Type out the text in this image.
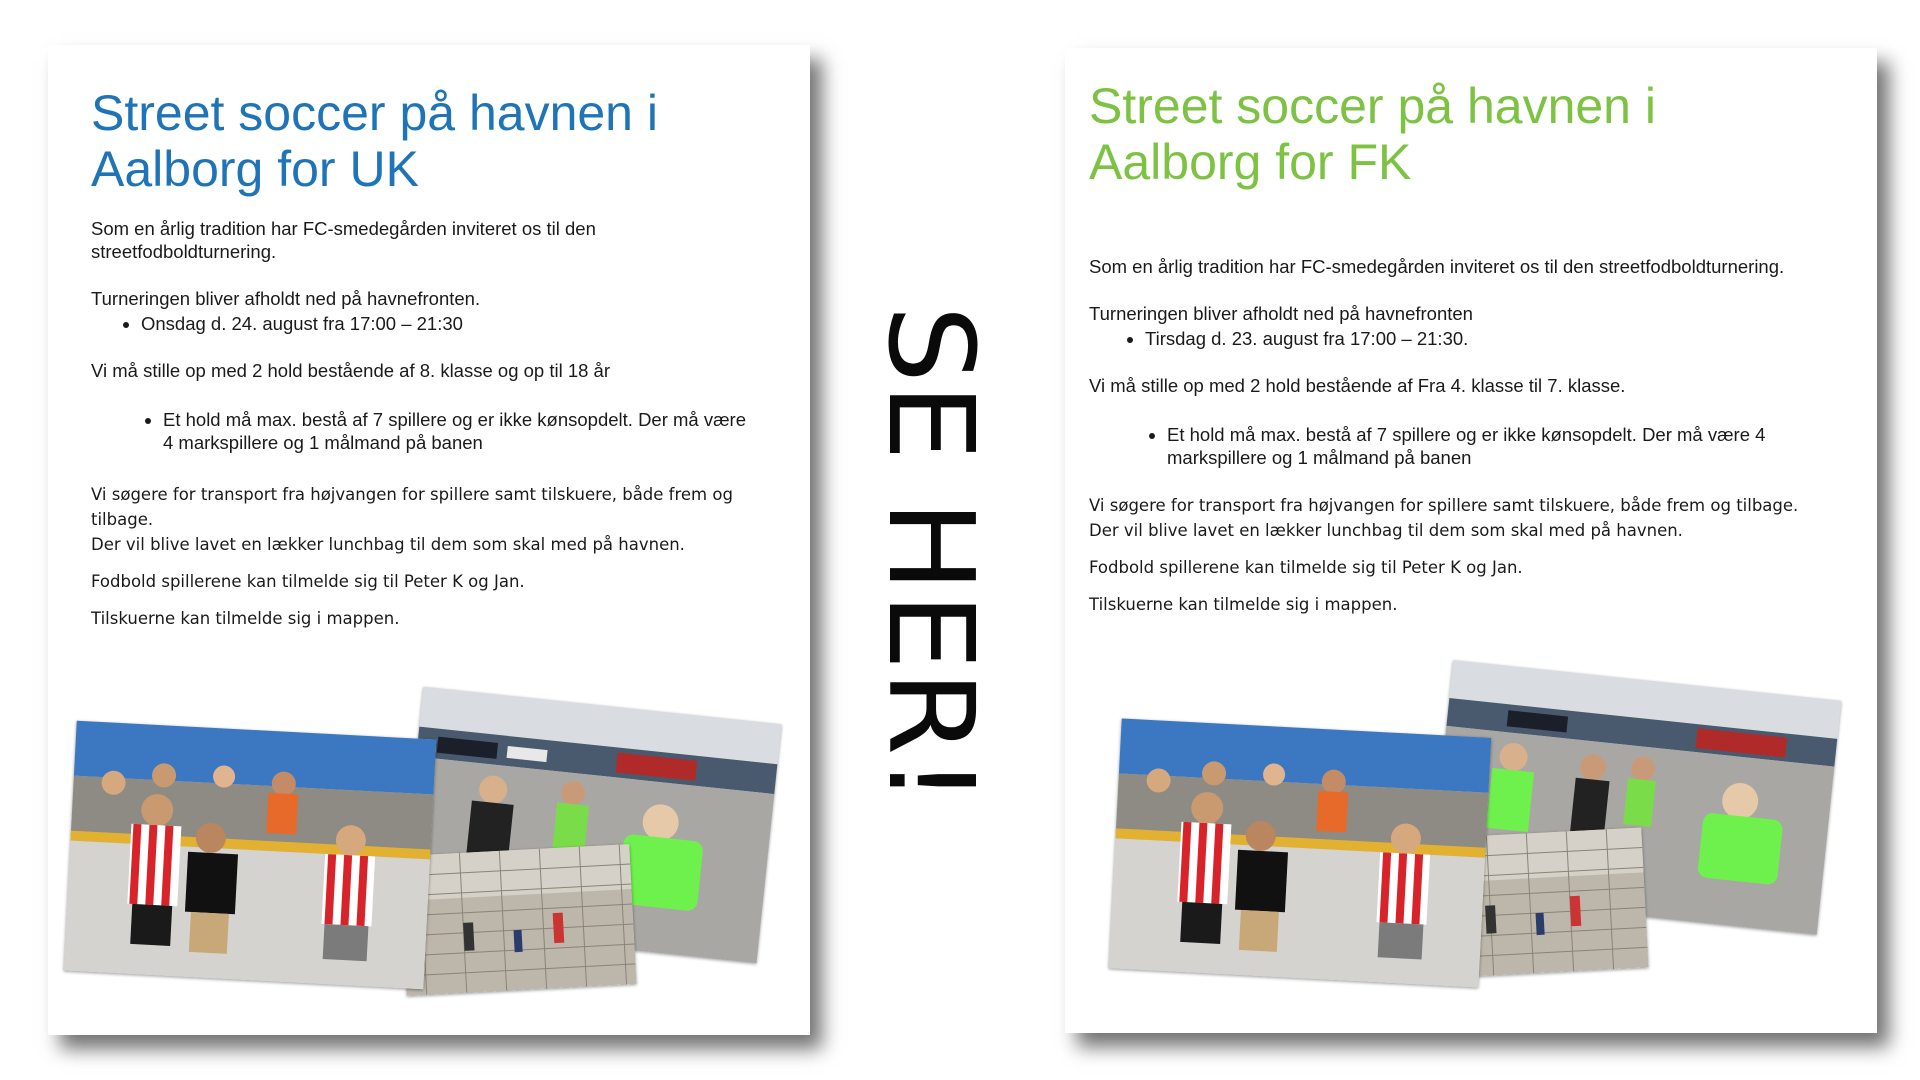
Street soccer på havnen i Aalborg for UK

Som en årlig tradition har FC-smedegården inviteret os til den streetfodboldturnering.

Turneringen bliver afholdt ned på havnefronten.

• Onsdag d. 24. august fra 17:00 – 21:30

Vi må stille op med 2 hold bestående af 8. klasse og op til 18 år

• Et hold må max. bestå af 7 spillere og er ikke kønsopdelt. Der må være 4 markspillere og 1 målmand på banen

Vi søgere for transport fra højvangen for spillere samt tilskuere, både frem og tilbage.

Der vil blive lavet en lækker lunchbag til dem som skal med på havnen.

Fodbold spillerene kan tilmelde sig til Peter K og Jan.

Tilskuerne kan tilmelde sig i mappen.	SE HER!
Street soccer på havnen i Aalborg for FK

Som en årlig tradition har FC-smedegården inviteret os til den streetfodboldturnering.

Turneringen bliver afholdt ned på havnefronten

• Tirsdag d. 23. august fra 17:00 – 21:30.

Vi må stille op med 2 hold bestående af Fra 4. klasse til 7. klasse.

• Et hold må max. bestå af 7 spillere og er ikke kønsopdelt. Der må være 4 markspillere og 1 målmand på banen

Vi søgere for transport fra højvangen for spillere samt tilskuere, både frem og tilbage.

Der vil blive lavet en lækker lunchbag til dem som skal med på havnen.

Fodbold spillerene kan tilmelde sig til Peter K og Jan.

Tilskuerne kan tilmelde sig i mappen.
